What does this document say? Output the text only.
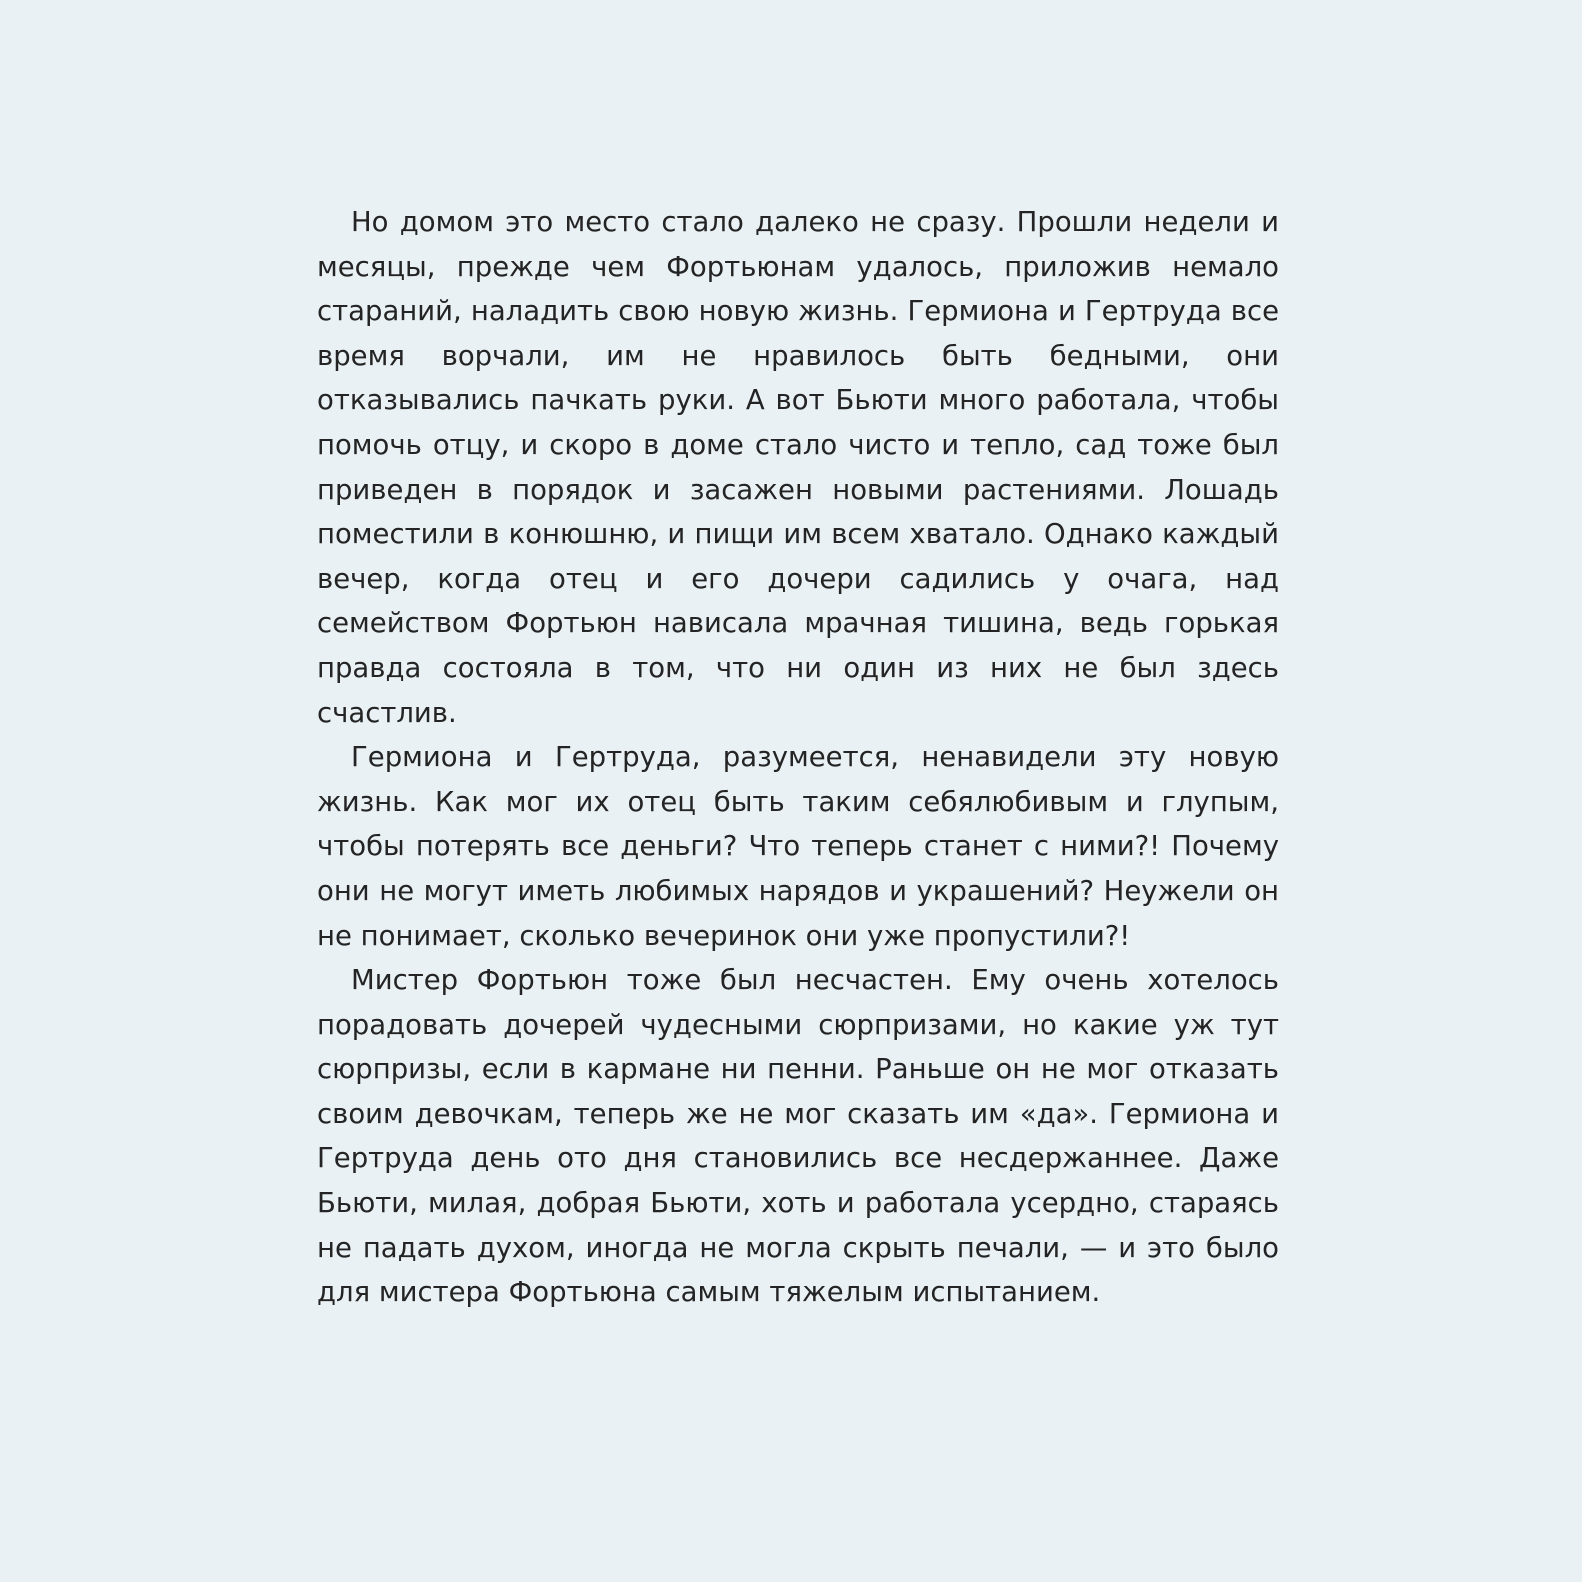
Но домом это место стало далеко не сразу. Прошли недели и месяцы, прежде чем Фортьюнам удалось, приложив немало стараний, наладить свою новую жизнь. Гермиона и Гертруда все время ворчали, им не нравилось быть бедными, они отказывались пачкать руки. А вот Бьюти много работала, чтобы помочь отцу, и скоро в доме стало чисто и тепло, сад тоже был приведен в порядок и засажен новыми растениями. Лошадь поместили в конюшню, и пищи им всем хватало. Однако каждый вечер, когда отец и его дочери садились у очага, над семейством Фортьюн нависала мрачная тишина, ведь горькая правда состояла в том, что ни один из них не был здесь счастлив.

Гермиона и Гертруда, разумеется, ненавидели эту новую жизнь. Как мог их отец быть таким себялюбивым и глупым, чтобы потерять все деньги? Что теперь станет с ними?! Почему они не могут иметь любимых нарядов и украшений? Неужели он не понимает, сколько вечеринок они уже пропустили?!

Мистер Фортьюн тоже был несчастен. Ему очень хотелось порадовать дочерей чудесными сюрпризами, но какие уж тут сюрпризы, если в кармане ни пенни. Раньше он не мог отказать своим девочкам, теперь же не мог сказать им «да». Гермиона и Гертруда день ото дня становились все несдержаннее. Даже Бьюти, милая, добрая Бьюти, хоть и работала усердно, стараясь не падать духом, иногда не могла скрыть печали, — и это было для мистера Фортьюна самым тяжелым испытанием.
